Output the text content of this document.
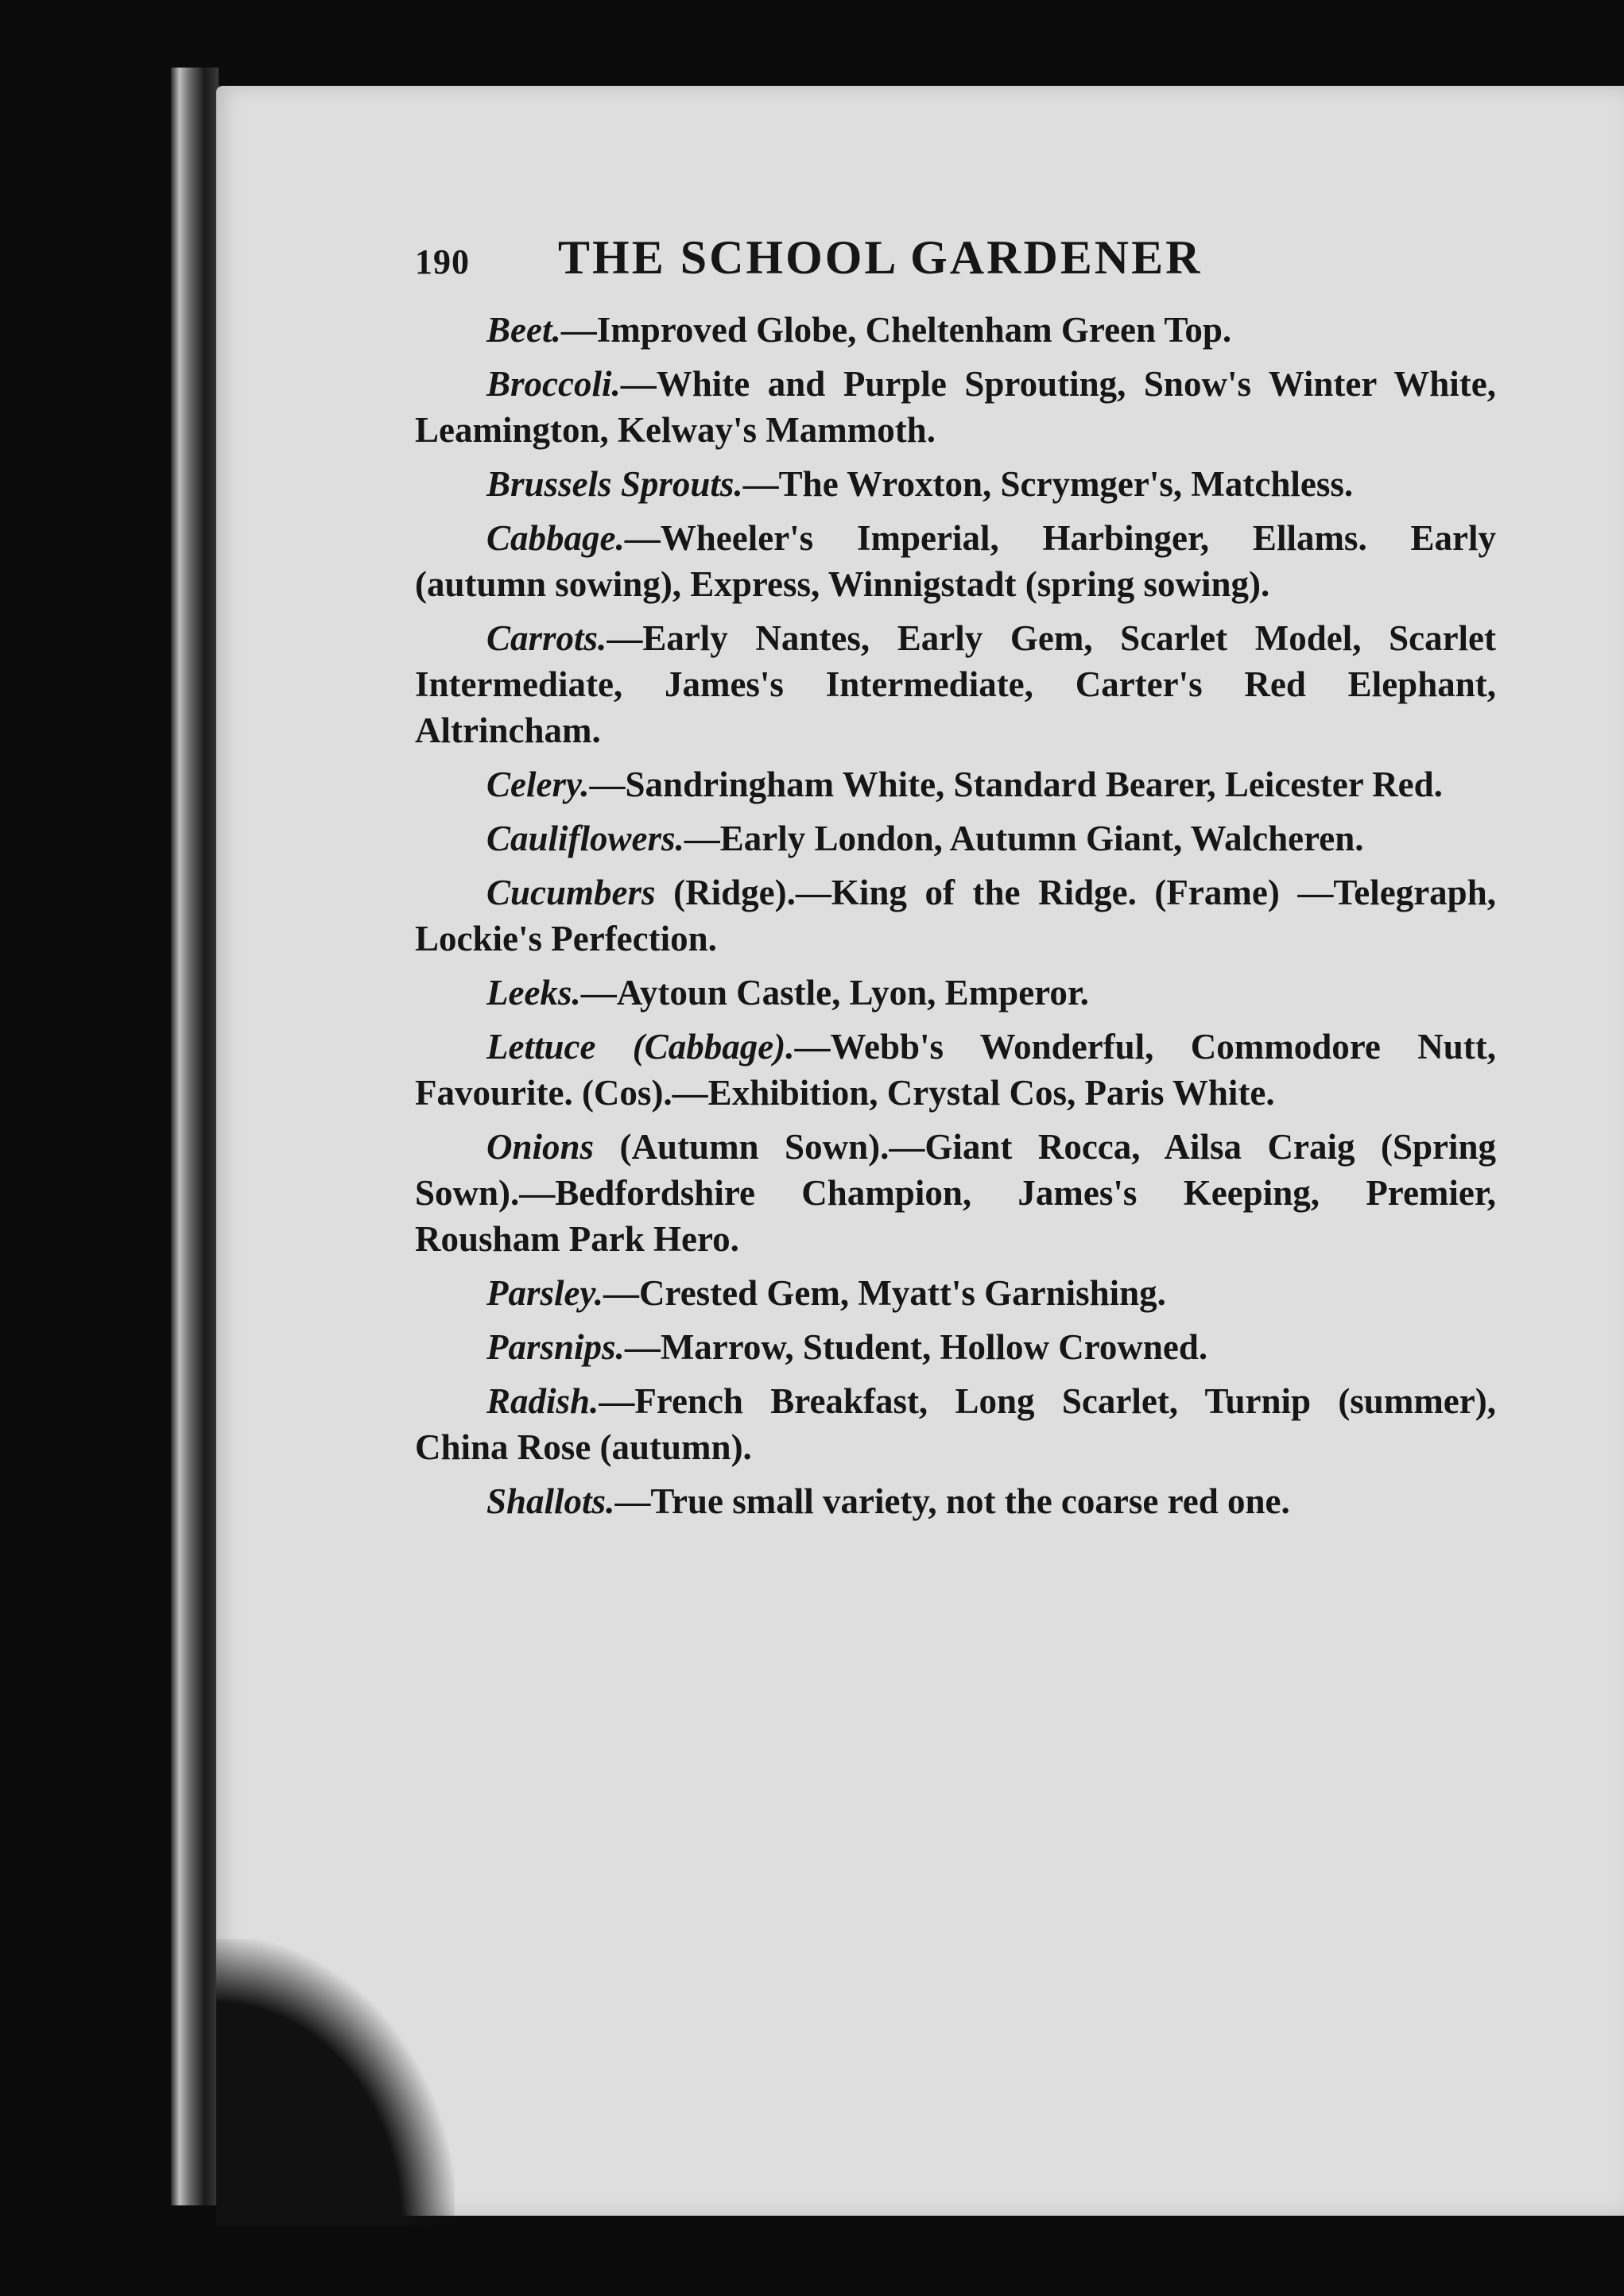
190	THE SCHOOL GARDENER

Beet.—Improved Globe, Cheltenham Green Top.

Broccoli.—White and Purple Sprouting, Snow's Winter White, Leamington, Kelway's Mammoth.

Brussels Sprouts.—The Wroxton, Scrymger's, Matchless.

Cabbage.—Wheeler's Imperial, Harbinger, Ellams. Early (autumn sowing), Express, Winnigstadt (spring sowing).

Carrots.—Early Nantes, Early Gem, Scarlet Model, Scarlet Intermediate, James's Intermediate, Carter's Red Elephant, Altrincham.

Celery.—Sandringham White, Standard Bearer, Leicester Red.

Cauliflowers.—Early London, Autumn Giant, Walcheren.

Cucumbers (Ridge).—King of the Ridge. (Frame) —Telegraph, Lockie's Perfection.

Leeks.—Aytoun Castle, Lyon, Emperor.

Lettuce (Cabbage).—Webb's Wonderful, Commodore Nutt, Favourite. (Cos).—Exhibition, Crystal Cos, Paris White.

Onions (Autumn Sown).—Giant Rocca, Ailsa Craig (Spring Sown).—Bedfordshire Champion, James's Keeping, Premier, Rousham Park Hero.

Parsley.—Crested Gem, Myatt's Garnishing.

Parsnips.—Marrow, Student, Hollow Crowned.

Radish.—French Breakfast, Long Scarlet, Turnip (summer), China Rose (autumn).

Shallots.—True small variety, not the coarse red one.
